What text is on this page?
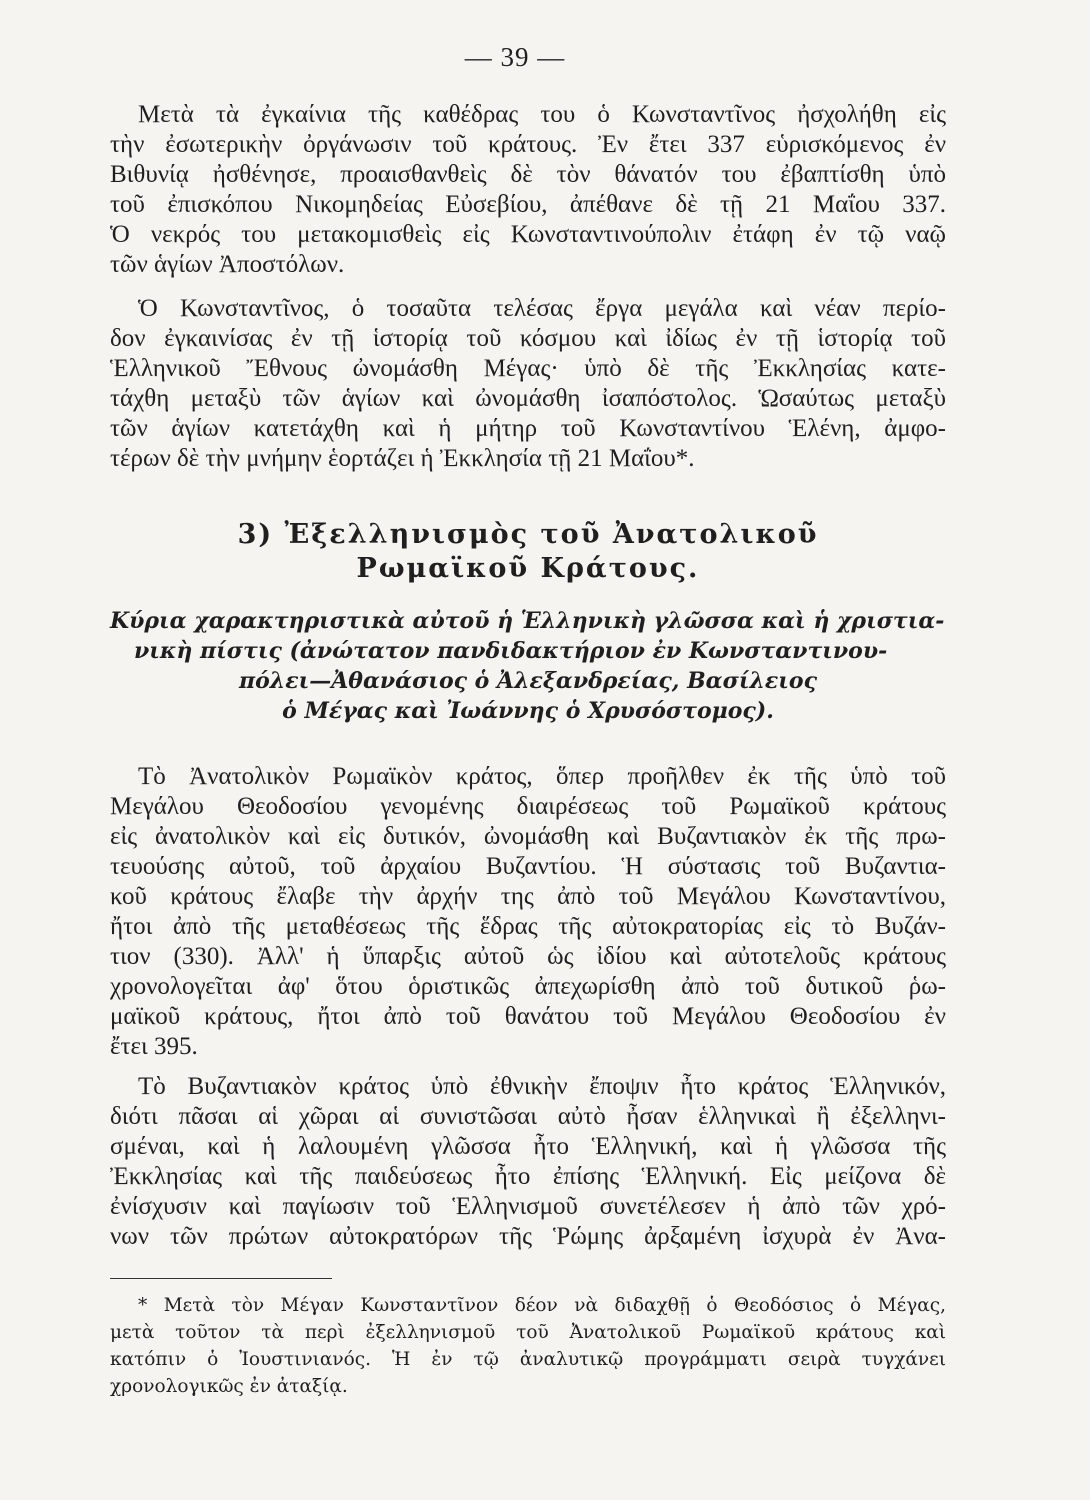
— 39 —

Μετὰ τὰ ἐγκαίνια τῆς καθέδρας του ὁ Κωνσταντῖνος ἠσχολήθη εἰς
τὴν ἐσωτερικὴν ὀργάνωσιν τοῦ κράτους. Ἐν ἔτει 337 εὑρισκόμενος ἐν
Βιθυνίᾳ ἠσθένησε, προαισθανθεὶς δὲ τὸν θάνατόν του ἐβαπτίσθη ὑπὸ
τοῦ ἐπισκόπου Νικομηδείας Εὐσεβίου, ἀπέθανε δὲ τῇ 21 Μαΐου 337.
Ὁ νεκρός του μετακομισθεὶς εἰς Κωνσταντινούπολιν ἐτάφη ἐν τῷ ναῷ
τῶν ἁγίων Ἀποστόλων.

Ὁ Κωνσταντῖνος, ὁ τοσαῦτα τελέσας ἔργα μεγάλα καὶ νέαν περίο-
δον ἐγκαινίσας ἐν τῇ ἱστορίᾳ τοῦ κόσμου καὶ ἰδίως ἐν τῇ ἱστορίᾳ τοῦ
Ἑλληνικοῦ Ἔθνους ὠνομάσθη Μέγας· ὑπὸ δὲ τῆς Ἐκκλησίας κατε-
τάχθη μεταξὺ τῶν ἁγίων καὶ ὠνομάσθη ἰσαπόστολος. Ὡσαύτως μεταξὺ
τῶν ἁγίων κατετάχθη καὶ ἡ μήτηρ τοῦ Κωνσταντίνου Ἑλένη, ἀμφο-
τέρων δὲ τὴν μνήμην ἑορτάζει ἡ Ἐκκλησία τῇ 21 Μαΐου*.

3) Ἐξελληνισμὸς τοῦ Ἀνατολικοῦ
Ρωμαϊκοῦ Κράτους.
Κύρια χαρακτηριστικὰ αὐτοῦ ἡ Ἑλληνικὴ γλῶσσα καὶ ἡ χριστια-
νικὴ πίστις (ἀνώτατον πανδιδακτήριον ἐν Κωνσταντινου-
πόλει—Ἀθανάσιος ὁ Ἀλεξανδρείας, Βασίλειος
ὁ Μέγας καὶ Ἰωάννης ὁ Χρυσόστομος).

Τὸ Ἀνατολικὸν Ρωμαϊκὸν κράτος, ὅπερ προῆλθεν ἐκ τῆς ὑπὸ τοῦ
Μεγάλου Θεοδοσίου γενομένης διαιρέσεως τοῦ Ρωμαϊκοῦ κράτους
εἰς ἀνατολικὸν καὶ εἰς δυτικόν, ὠνομάσθη καὶ Βυζαντιακὸν ἐκ τῆς πρω-
τευούσης αὐτοῦ, τοῦ ἀρχαίου Βυζαντίου. Ἡ σύστασις τοῦ Βυζαντια-
κοῦ κράτους ἔλαβε τὴν ἀρχήν της ἀπὸ τοῦ Μεγάλου Κωνσταντίνου,
ἤτοι ἀπὸ τῆς μεταθέσεως τῆς ἕδρας τῆς αὐτοκρατορίας εἰς τὸ Βυζάν-
τιον (330). Ἀλλ' ἡ ὕπαρξις αὐτοῦ ὡς ἰδίου καὶ αὐτοτελοῦς κράτους
χρονολογεῖται ἀφ' ὅτου ὁριστικῶς ἀπεχωρίσθη ἀπὸ τοῦ δυτικοῦ ῥω-
μαϊκοῦ κράτους, ἤτοι ἀπὸ τοῦ θανάτου τοῦ Μεγάλου Θεοδοσίου ἐν
ἔτει 395.

Τὸ Βυζαντιακὸν κράτος ὑπὸ ἐθνικὴν ἔποψιν ἦτο κράτος Ἑλληνικόν,
διότι πᾶσαι αἱ χῶραι αἱ συνιστῶσαι αὐτὸ ἦσαν ἑλληνικαὶ ἢ ἐξελληνι-
σμέναι, καὶ ἡ λαλουμένη γλῶσσα ἦτο Ἑλληνική, καὶ ἡ γλῶσσα τῆς
Ἐκκλησίας καὶ τῆς παιδεύσεως ἦτο ἐπίσης Ἑλληνική. Εἰς μείζονα δὲ
ἐνίσχυσιν καὶ παγίωσιν τοῦ Ἑλληνισμοῦ συνετέλεσεν ἡ ἀπὸ τῶν χρό-
νων τῶν πρώτων αὐτοκρατόρων τῆς Ῥώμης ἀρξαμένη ἰσχυρὰ ἐν Ἀνα-

* Μετὰ τὸν Μέγαν Κωνσταντῖνον δέον νὰ διδαχθῇ ὁ Θεοδόσιος ὁ Μέγας,
μετὰ τοῦτον τὰ περὶ ἐξελληνισμοῦ τοῦ Ἀνατολικοῦ Ρωμαϊκοῦ κράτους καὶ
κατόπιν ὁ Ἰουστινιανός. Ἡ ἐν τῷ ἀναλυτικῷ προγράμματι σειρὰ τυγχάνει
χρονολογικῶς ἐν ἀταξίᾳ.
